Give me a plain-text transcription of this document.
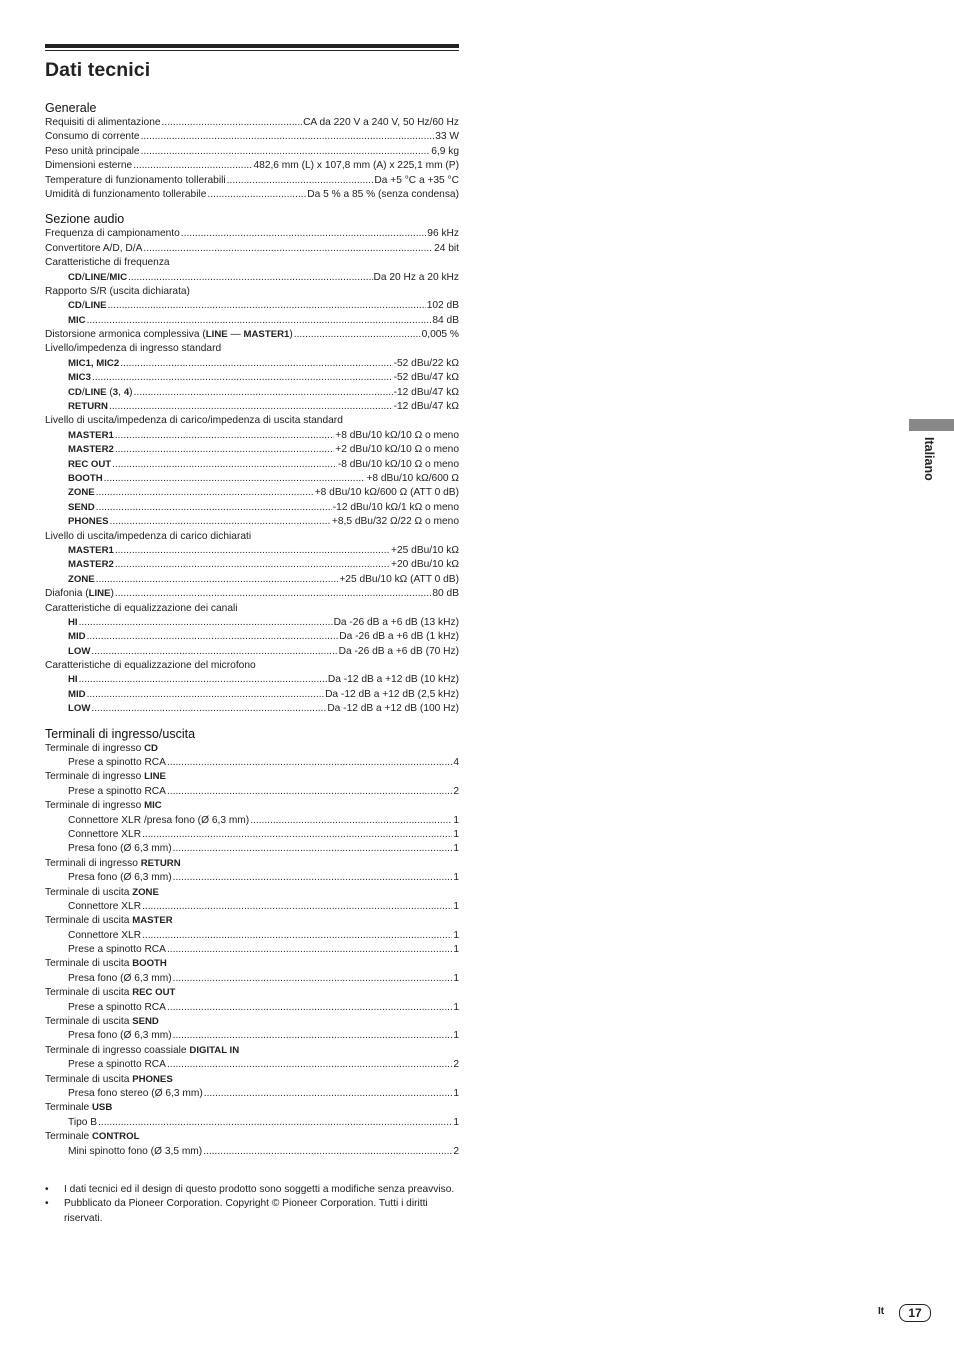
Dati tecnici
Generale
Requisiti di alimentazione .....	CA da 220 V a 240 V, 50 Hz/60 Hz
Consumo di corrente .....	33 W
Peso unità principale .....	6,9 kg
Dimensioni esterne .....	482,6 mm (L) x 107,8 mm (A) x 225,1 mm (P)
Temperature di funzionamento tollerabili .....	Da +5 °C a +35 °C
Umidità di funzionamento tollerabile .....	Da 5 % a 85 % (senza condensa)
Sezione audio
Frequenza di campionamento .....	96 kHz
Convertitore A/D, D/A .....	24 bit
Caratteristiche di frequenza
CD/LINE/MIC .....	Da 20 Hz a 20 kHz
Rapporto S/R (uscita dichiarata)
CD/LINE .....	102 dB
MIC .....	84 dB
Distorsione armonica complessiva (LINE — MASTER1) .....	0,005 %
Livello/impedenza di ingresso standard
MIC1, MIC2 .....	-52 dBu/22 kΩ
MIC3 .....	-52 dBu/47 kΩ
CD/LINE (3, 4) .....	-12 dBu/47 kΩ
RETURN .....	-12 dBu/47 kΩ
Livello di uscita/impedenza di carico/impedenza di uscita standard
MASTER1 .....	+8 dBu/10 kΩ/10 Ω o meno
MASTER2 .....	+2 dBu/10 kΩ/10 Ω o meno
REC OUT .....	-8 dBu/10 kΩ/10 Ω o meno
BOOTH .....	+8 dBu/10 kΩ/600 Ω
ZONE .....	+8 dBu/10 kΩ/600 Ω (ATT 0 dB)
SEND .....	-12 dBu/10 kΩ/1 kΩ o meno
PHONES .....	+8,5 dBu/32 Ω/22 Ω o meno
Livello di uscita/impedenza di carico dichiarati
MASTER1 .....	+25 dBu/10 kΩ
MASTER2 .....	+20 dBu/10 kΩ
ZONE .....	+25 dBu/10 kΩ (ATT 0 dB)
Diafonia (LINE) .....	80 dB
Caratteristiche di equalizzazione dei canali
HI .....	Da -26 dB a +6 dB (13 kHz)
MID .....	Da -26 dB a +6 dB (1 kHz)
LOW .....	Da -26 dB a +6 dB (70 Hz)
Caratteristiche di equalizzazione del microfono
HI .....	Da -12 dB a +12 dB (10 kHz)
MID .....	Da -12 dB a +12 dB (2,5 kHz)
LOW .....	Da -12 dB a +12 dB (100 Hz)
Terminali di ingresso/uscita
Terminale di ingresso CD
Prese a spinotto RCA .....	4
Terminale di ingresso LINE
Prese a spinotto RCA .....	2
Terminale di ingresso MIC
Connettore XLR /presa fono (Ø 6,3 mm) .....	1
Connettore XLR .....	1
Presa fono (Ø 6,3 mm) .....	1
Terminali di ingresso RETURN
Presa fono (Ø 6,3 mm) .....	1
Terminale di uscita ZONE
Connettore XLR .....	1
Terminale di uscita MASTER
Connettore XLR .....	1
Prese a spinotto RCA .....	1
Terminale di uscita BOOTH
Presa fono (Ø 6,3 mm) .....	1
Terminale di uscita REC OUT
Prese a spinotto RCA .....	1
Terminale di uscita SEND
Presa fono (Ø 6,3 mm) .....	1
Terminale di ingresso coassiale DIGITAL IN
Prese a spinotto RCA .....	2
Terminale di uscita PHONES
Presa fono stereo (Ø 6,3 mm) .....	1
Terminale USB
Tipo B .....	1
Terminale CONTROL
Mini spinotto fono (Ø 3,5 mm) .....	2
•	I dati tecnici ed il design di questo prodotto sono soggetti a modifiche senza preavviso.
•	Pubblicato da Pioneer Corporation. Copyright © Pioneer Corporation. Tutti i diritti riservati.
Italiano
It	17
